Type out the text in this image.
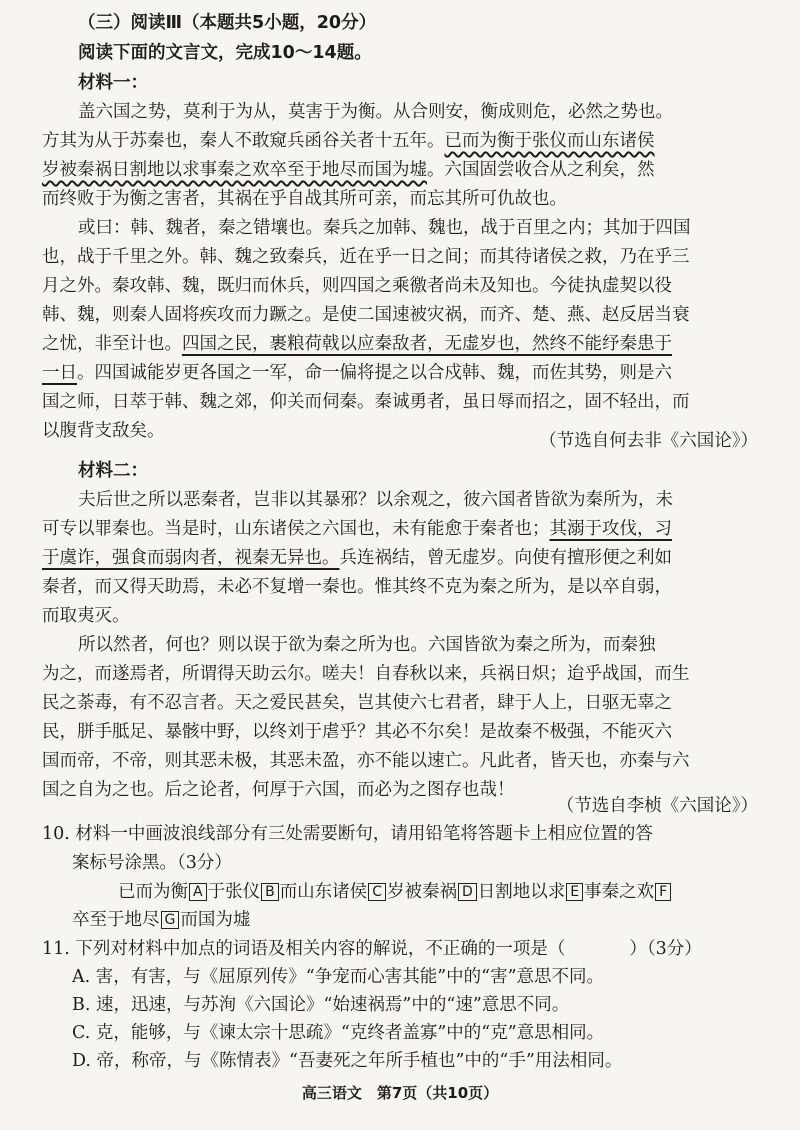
（三）阅读Ⅲ（本题共5小题，20分）
阅读下面的文言文，完成10～14题。
材料一：
盖六国之势，莫利于为从，莫害于为衡。从合则安，衡成则危，必然之势也。
方其为从于苏秦也，秦人不敢窥兵函谷关者十五年。已而为衡于张仪而山东诸侯
岁被秦祸日割地以求事秦之欢卒至于地尽而国为墟。六国固尝收合从之利矣，然
而终败于为衡之害者，其祸在乎自战其所可亲，而忘其所可仇故也。
或曰：韩、魏者，秦之错壤也。秦兵之加韩、魏也，战于百里之内；其加于四国
也，战于千里之外。韩、魏之致秦兵，近在乎一日之间；而其待诸侯之救，乃在乎三
月之外。秦攻韩、魏，既归而休兵，则四国之乘徼者尚未及知也。今徒执虚契以役
韩、魏，则秦人固将疾攻而力蹶之。是使二国速被灾祸，而齐、楚、燕、赵反居当衰
之忧，非至计也。四国之民，裹粮荷戟以应秦敌者，无虚岁也，然终不能纾秦患于
一日。四国诚能岁更各国之一军，命一偏将提之以合戍韩、魏，而佐其势，则是六
国之师，日萃于韩、魏之郊，仰关而伺秦。秦诚勇者，虽日辱而招之，固不轻出，而
以腹背支敌矣。	（节选自何去非《六国论》）
材料二：
夫后世之所以恶秦者，岂非以其暴邪？以余观之，彼六国者皆欲为秦所为，未
可专以罪秦也。当是时，山东诸侯之六国也，未有能愈于秦者也；其溺于攻伐，习
于虞诈，强食而弱肉者，视秦无异也。兵连祸结，曾无虚岁。向使有擅形便之利如
秦者，而又得天助焉，未必不复增一秦也。惟其终不克为秦之所为，是以卒自弱，
而取夷灭。
所以然者，何也？则以误于欲为秦之所为也。六国皆欲为秦之所为，而秦独
为之，而遂焉者，所谓得天助云尔。嗟夫！自春秋以来，兵祸日炽；迨乎战国，而生
民之荼毒，有不忍言者。天之爱民甚矣，岂其使六七君者，肆于人上，日驱无辜之
民，胼手胝足、暴骸中野，以终刘于虐乎？其必不尔矣！是故秦不极强，不能灭六
国而帝，不帝，则其恶未极，其恶未盈，亦不能以速亡。凡此者，皆天也，亦秦与六
国之自为之也。后之论者，何厚于六国，而必为之图存也哉！
（节选自李桢《六国论》）
10. 材料一中画波浪线部分有三处需要断句，请用铅笔将答题卡上相应位置的答
案标号涂黑。（3分）
已而为衡 A 于张仪 B 而山东诸侯 C 岁被秦祸 D 日割地以求 E 事秦之欢 F
卒至于地尽 G 而国为墟
11. 下列对材料中加点的词语及相关内容的解说，不正确的一项是（	）（3分）
A. 害，有害，与《屈原列传》“争宠而心害其能”中的“害”意思不同。
B. 速，迅速，与苏洵《六国论》“始速祸焉”中的“速”意思不同。
C. 克，能够，与《谏太宗十思疏》“克终者盖寡”中的“克”意思相同。
D. 帝，称帝，与《陈情表》“吾妻死之年所手植也”中的“手”用法相同。
高三语文　第7页（共10页）
